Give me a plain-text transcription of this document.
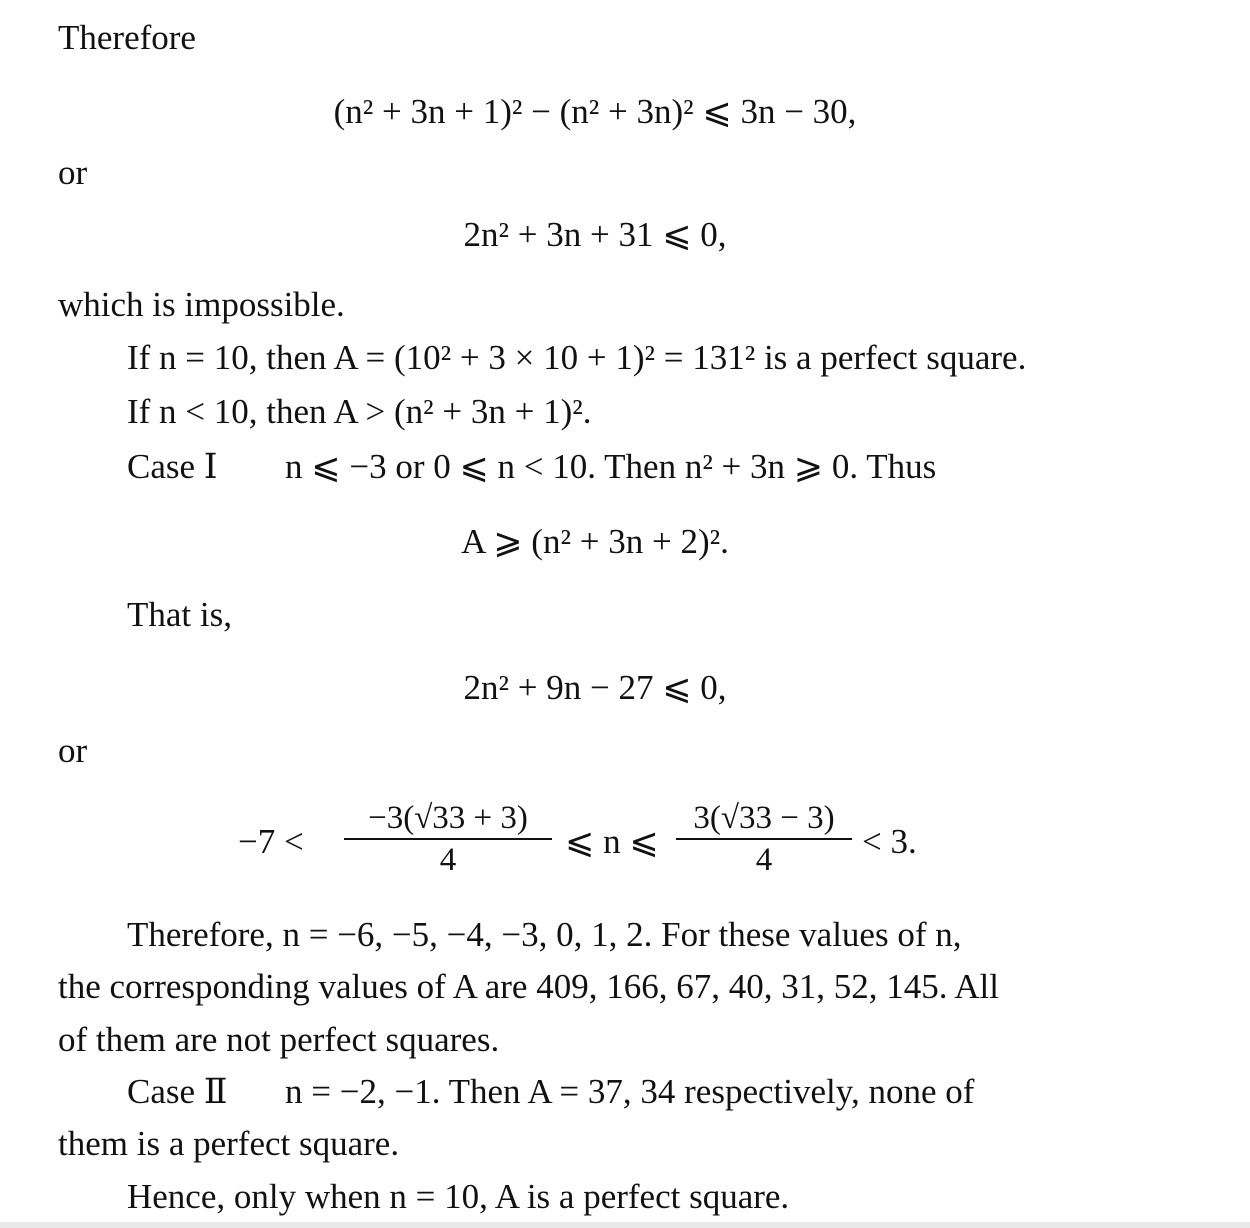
Therefore
(n² + 3n + 1)² − (n² + 3n)² ⩽ 3n − 30,
or
2n² + 3n + 31 ⩽ 0,
which is impossible.
If n = 10, then A = (10² + 3 × 10 + 1)² = 131² is a perfect square.
If n < 10, then A > (n² + 3n + 1)².
Case Ⅰ n ⩽ −3 or 0 ⩽ n < 10. Then n² + 3n ⩾ 0. Thus
A ⩾ (n² + 3n + 2)².
That is,
2n² + 9n − 27 ⩽ 0,
or
$-7 < \frac{-3(√33 + 3)}{4}$ ⩽ n ⩽ $\frac{3(√33 - 3)}{4} < 3$.
Therefore, n = −6, −5, −4, −3, 0, 1, 2. For these values of n,
the corresponding values of A are 409, 166, 67, 40, 31, 52, 145. All
of them are not perfect squares.
Case Ⅱ n = −2, −1. Then A = 37, 34 respectively, none of
them is a perfect square.
Hence, only when n = 10, A is a perfect square.
